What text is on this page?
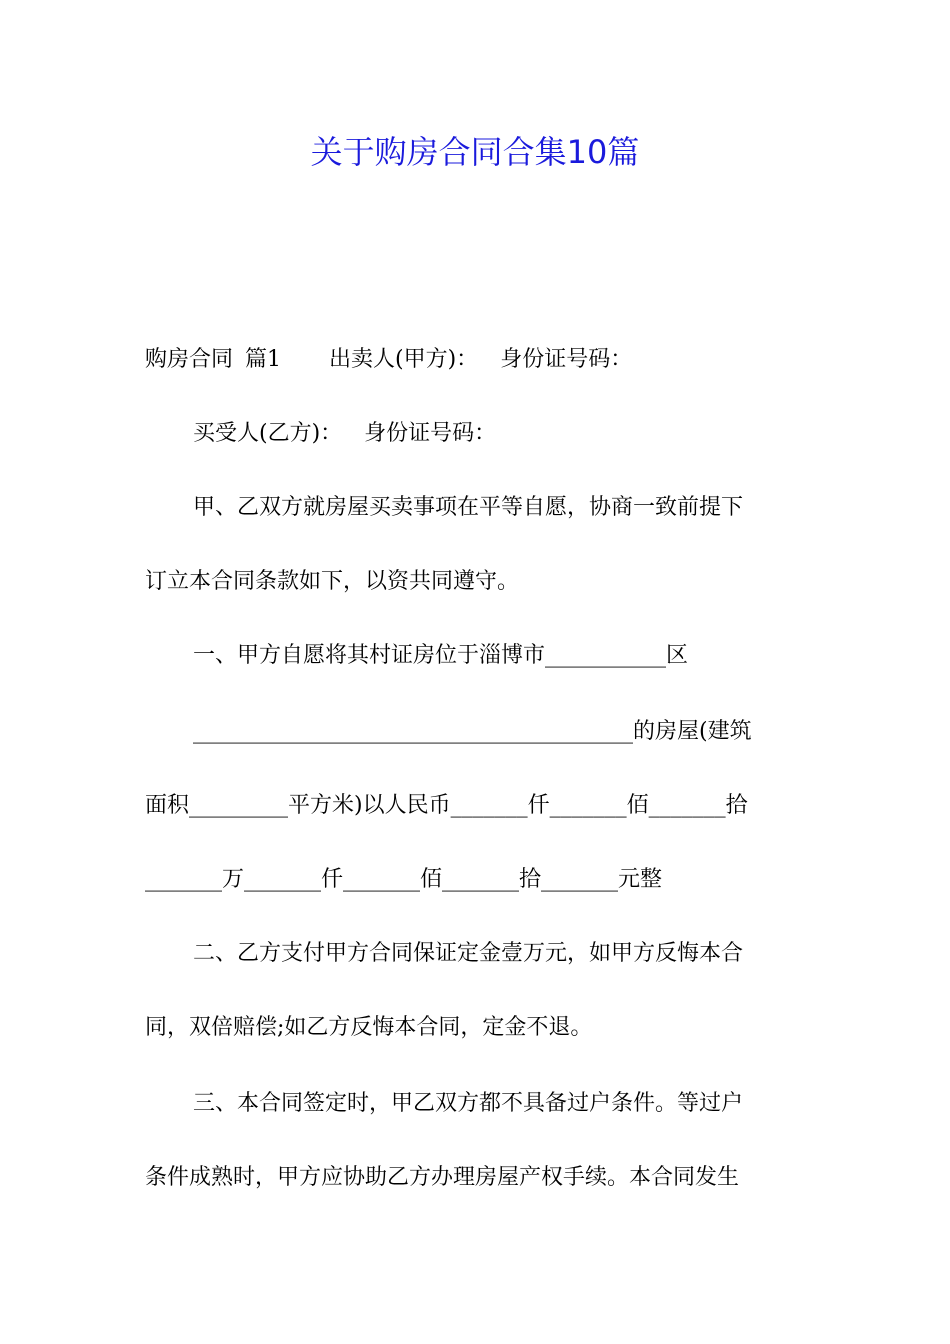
关于购房合同合集10篇

购房合同 篇1 出卖人(甲方)： 身份证号码：

买受人(乙方)： 身份证号码：

甲、乙双方就房屋买卖事项在平等自愿，协商一致前提下

订立本合同条款如下，以资共同遵守。

一、甲方自愿将其村证房位于淄博市___________区

________________________________________的房屋(建筑

面积_________平方米)以人民币_______仟_______佰_______拾

_______万_______仟_______佰_______拾_______元整

二、乙方支付甲方合同保证定金壹万元，如甲方反悔本合

同，双倍赔偿;如乙方反悔本合同，定金不退。

三、本合同签定时，甲乙双方都不具备过户条件。等过户

条件成熟时，甲方应协助乙方办理房屋产权手续。本合同发生
